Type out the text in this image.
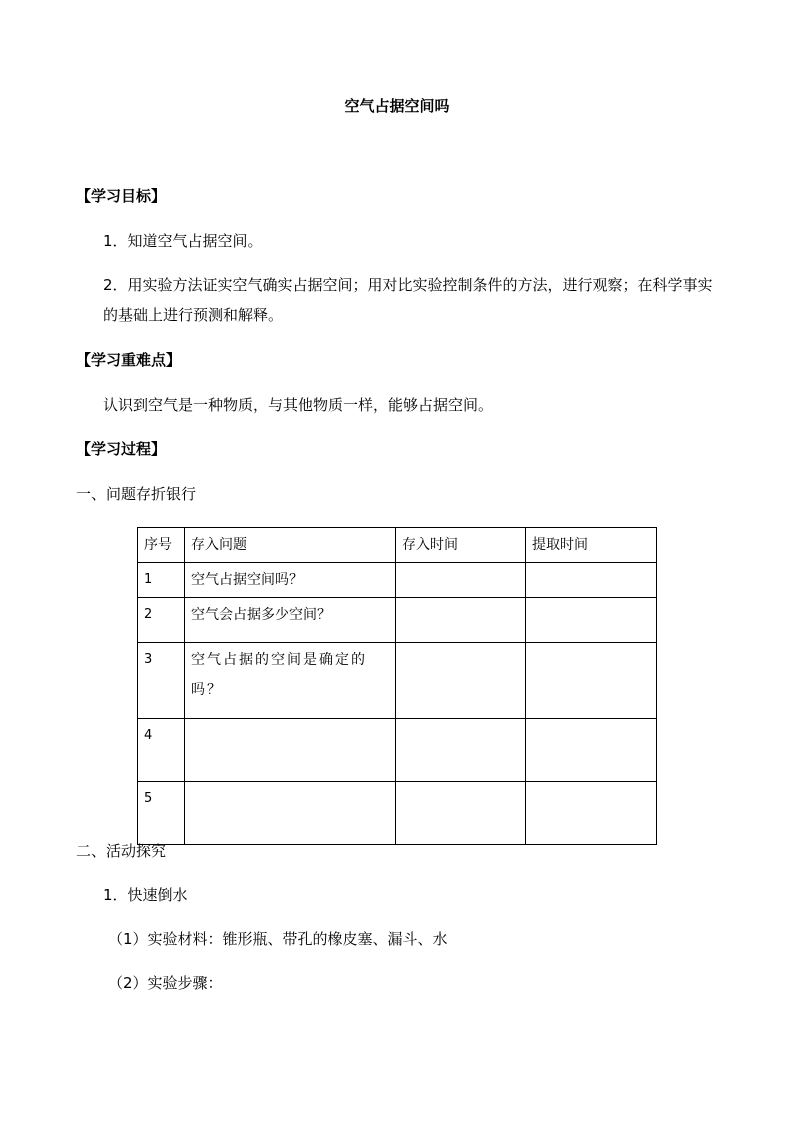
空气占据空间吗
【学习目标】
1．知道空气占据空间。
2．用实验方法证实空气确实占据空间；用对比实验控制条件的方法，进行观察；在科学事实的基础上进行预测和解释。
【学习重难点】
认识到空气是一种物质，与其他物质一样，能够占据空间。
【学习过程】
一、问题存折银行
序号	存入问题	存入时间	提取时间
1	空气占据空间吗？		
2	空气会占据多少空间？		
3	空气占据的空间是确定的吗？		
4			
5			
二、活动探究
1．快速倒水
（1）实验材料：锥形瓶、带孔的橡皮塞、漏斗、水
（2）实验步骤：
